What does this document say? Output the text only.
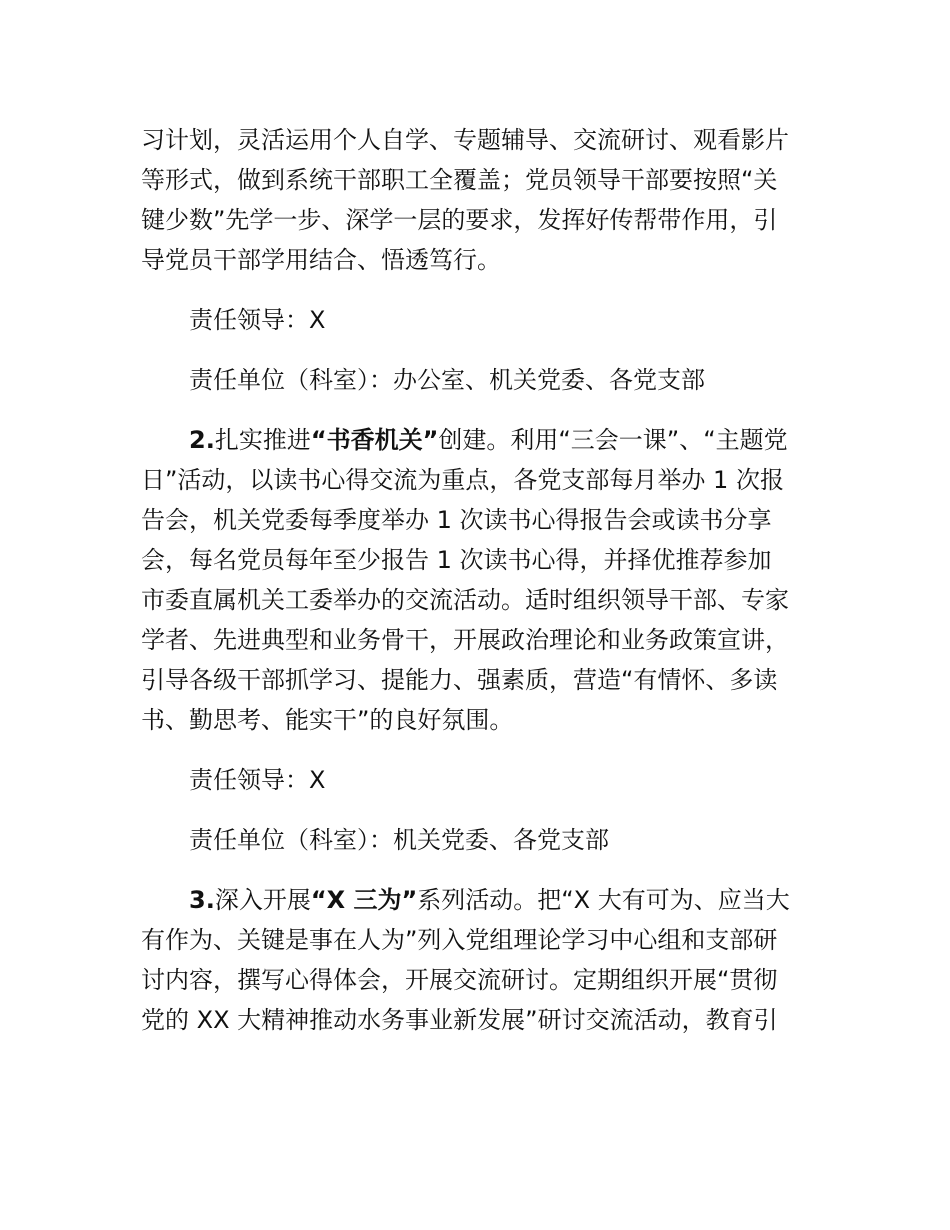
习计划，灵活运用个人自学、专题辅导、交流研讨、观看影片
等形式，做到系统干部职工全覆盖；党员领导干部要按照“关
键少数”先学一步、深学一层的要求，发挥好传帮带作用，引
导党员干部学用结合、悟透笃行。
责任领导：X
责任单位（科室）：办公室、机关党委、各党支部
2.扎实推进“书香机关”创建。利用“三会一课”、“主题党
日”活动，以读书心得交流为重点，各党支部每月举办 1 次报
告会，机关党委每季度举办 1 次读书心得报告会或读书分享
会，每名党员每年至少报告 1 次读书心得，并择优推荐参加
市委直属机关工委举办的交流活动。适时组织领导干部、专家
学者、先进典型和业务骨干，开展政治理论和业务政策宣讲，
引导各级干部抓学习、提能力、强素质，营造“有情怀、多读
书、勤思考、能实干”的良好氛围。
责任领导：X
责任单位（科室）：机关党委、各党支部
3.深入开展“X 三为”系列活动。把“X 大有可为、应当大
有作为、关键是事在人为”列入党组理论学习中心组和支部研
讨内容，撰写心得体会，开展交流研讨。定期组织开展“贯彻
党的 XX 大精神推动水务事业新发展”研讨交流活动，教育引
